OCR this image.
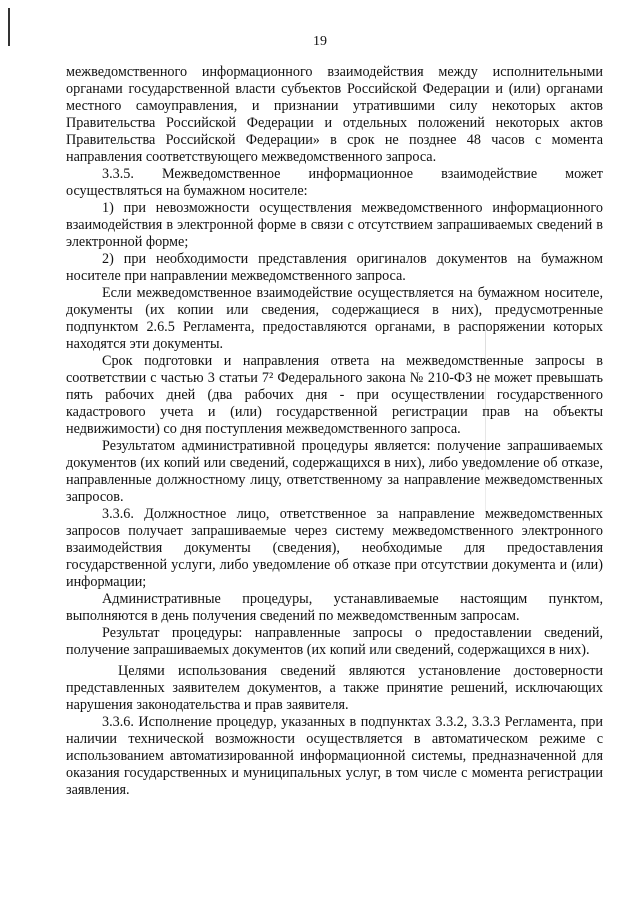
19

межведомственного информационного взаимодействия между исполнительными органами государственной власти субъектов Российской Федерации и (или) органами местного самоуправления, и признании утратившими силу некоторых актов Правительства Российской Федерации и отдельных положений некоторых актов Правительства Российской Федерации» в срок не позднее 48 часов с момента направления соответствующего межведомственного запроса.

3.3.5. Межведомственное информационное взаимодействие может осуществляться на бумажном носителе:

1) при невозможности осуществления межведомственного информационного взаимодействия в электронной форме в связи с отсутствием запрашиваемых сведений в электронной форме;

2) при необходимости представления оригиналов документов на бумажном носителе при направлении межведомственного запроса.

Если межведомственное взаимодействие осуществляется на бумажном носителе, документы (их копии или сведения, содержащиеся в них), предусмотренные подпунктом 2.6.5 Регламента, предоставляются органами, в распоряжении которых находятся эти документы.

Срок подготовки и направления ответа на межведомственные запросы в соответствии с частью 3 статьи 7² Федерального закона № 210-ФЗ не может превышать пять рабочих дней (два рабочих дня - при осуществлении государственного кадастрового учета и (или) государственной регистрации прав на объекты недвижимости) со дня поступления межведомственного запроса.

Результатом административной процедуры является: получение запрашиваемых документов (их копий или сведений, содержащихся в них), либо уведомление об отказе, направленные должностному лицу, ответственному за направление межведомственных запросов.

3.3.6. Должностное лицо, ответственное за направление межведомственных запросов получает запрашиваемые через систему межведомственного электронного взаимодействия документы (сведения), необходимые для предоставления государственной услуги, либо уведомление об отказе при отсутствии документа и (или) информации;

Административные процедуры, устанавливаемые настоящим пунктом, выполняются в день получения сведений по межведомственным запросам.

Результат процедуры: направленные запросы о предоставлении сведений, получение запрашиваемых документов (их копий или сведений, содержащихся в них).

Целями использования сведений являются установление достоверности представленных заявителем документов, а также принятие решений, исключающих нарушения законодательства и прав заявителя.

3.3.6. Исполнение процедур, указанных в подпунктах 3.3.2, 3.3.3 Регламента, при наличии технической возможности осуществляется в автоматическом режиме с использованием автоматизированной информационной системы, предназначенной для оказания государственных и муниципальных услуг, в том числе с момента регистрации заявления.
